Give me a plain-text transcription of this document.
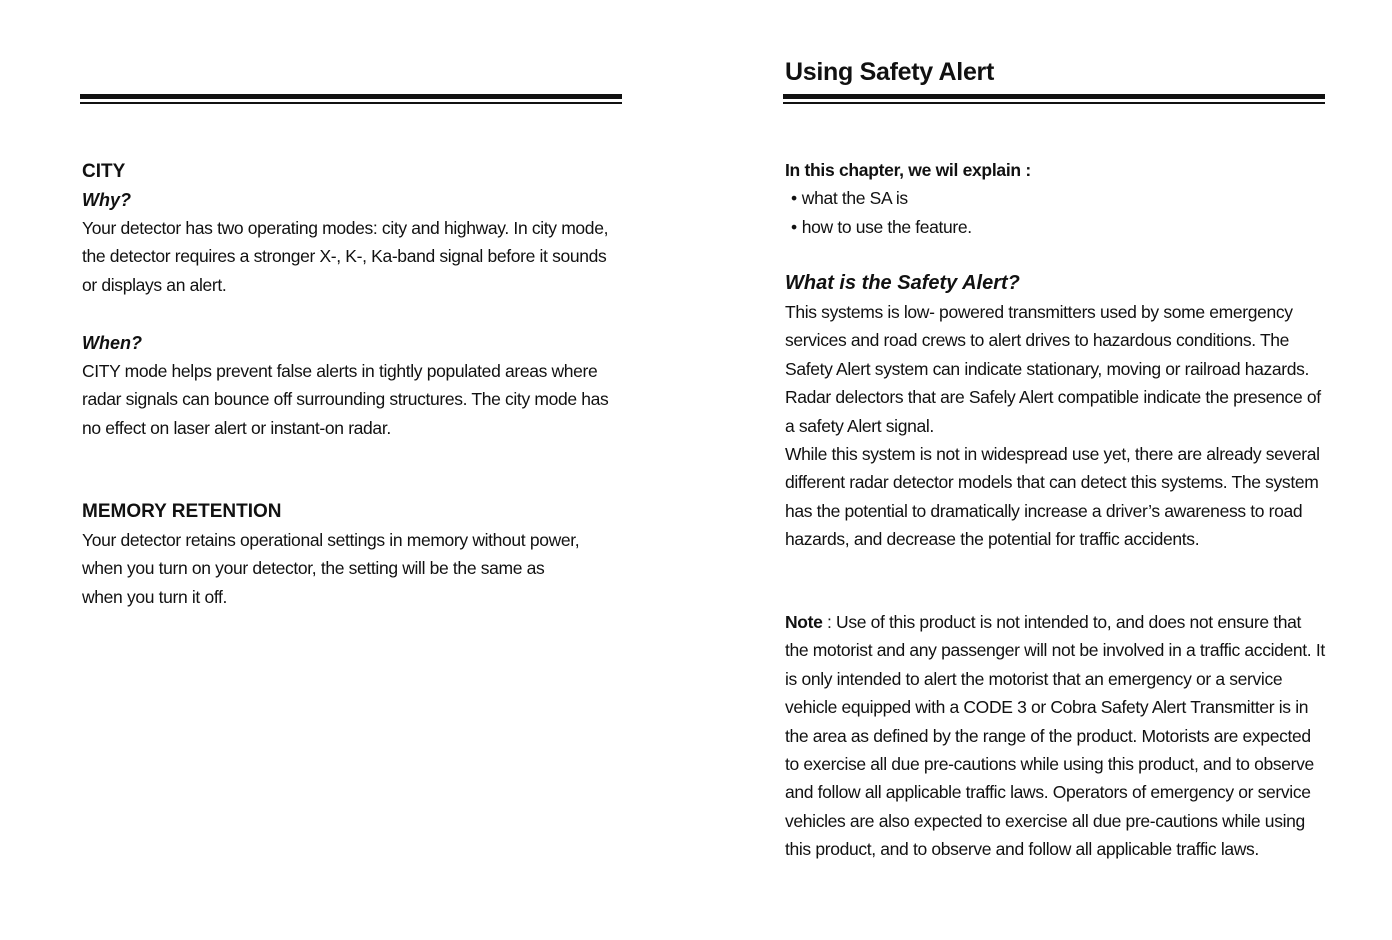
CITY
Why?

Your detector has two operating modes: city and highway. In city mode, the detector requires a stronger X-, K-, Ka-band signal before it sounds or displays an alert.

When?

CITY mode helps prevent false alerts in tightly populated areas where radar signals can bounce off surrounding structures. The city mode has no effect on laser alert or instant-on radar.

MEMORY RETENTION

Your detector retains operational settings in memory without power, when you turn on your detector, the setting will be the same as when you turn it off.

Using Safety Alert

In this chapter, we wil explain :

• what the SA is
• how to use the feature.
What is the Safety Alert?

This systems is low- powered transmitters used by some emergency services and road crews to alert drives to hazardous conditions. The Safety Alert system can indicate stationary, moving or railroad hazards. Radar delectors that are Safely Alert compatible indicate the presence of a safety Alert signal.

While this system is not in widespread use yet, there are already several different radar detector models that can detect this systems. The system has the potential to dramatically increase a driver’s awareness to road hazards, and decrease the potential for traffic accidents.

Note : Use of this product is not intended to, and does not ensure that the motorist and any passenger will not be involved in a traffic accident. It is only intended to alert the motorist that an emergency or a service vehicle equipped with a CODE 3 or Cobra Safety Alert Transmitter is in the area as defined by the range of the product. Motorists are expected to exercise all due pre-cautions while using this product, and to observe and follow all applicable traffic laws. Operators of emergency or service vehicles are also expected to exercise all due pre-cautions while using this product, and to observe and follow all applicable traffic laws.
